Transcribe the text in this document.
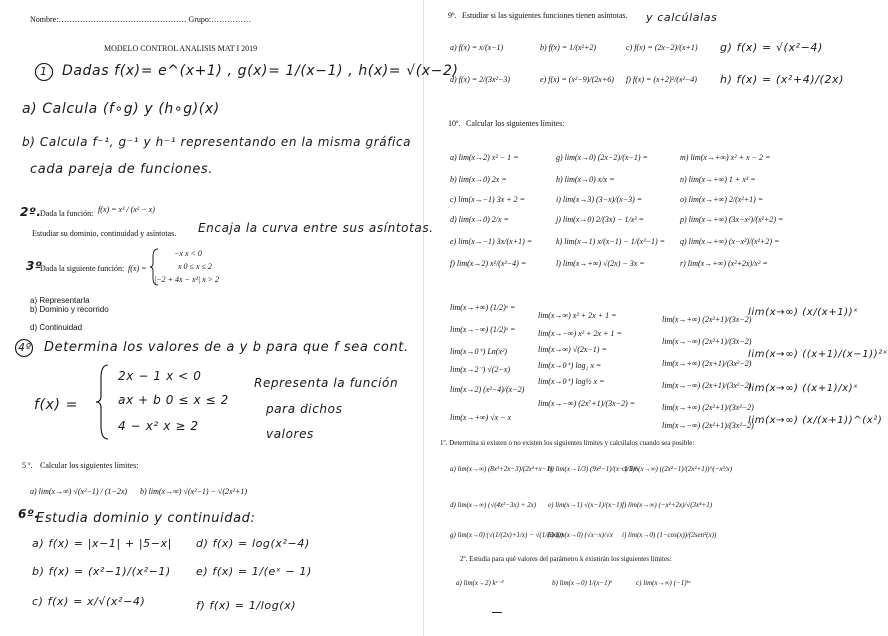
Nombre:………………………………………… Grupo:……………
MODELO CONTROL ANALISIS MAT I 2019
1 Dadas f(x)= e^(x+1) , g(x)= 1/(x−1) , h(x)= √(x−2)
a) Calcula (f∘g) y (h∘g)(x)
b) Calcula f⁻¹, g⁻¹ y h⁻¹ representando en la misma gráfica
cada pareja de funciones.
2º.
Dada la función: f(x) = x³ / (x² − x)
Estudiar su dominio, continuidad y asíntotas. Encaja la curva entre sus asíntotas.
3º
Dada la siguiente función: f(x) =
−x x < 0
x 0 ≤ x ≤ 2
|−2 + 4x − x²| x > 2
a) Representarla
b) Dominio y recorrido
d) Continuidad
4º Determina los valores de a y b para que f sea cont.
f(x) =
2x − 1 x < 0
ax + b 0 ≤ x ≤ 2
4 − x² x ≥ 2
Representa la función
para dichos
valores
5 º. Calcular los siguientes límites:
a) lim(x→∞) √(x²−1) / (1−2x) b) lim(x→∞) √(x²−1) − √(2x²+1)
6º.
Estudia dominio y continuidad:
a) f(x) = |x−1| + |5−x|
b) f(x) = (x²−1)/(x²−1)
c) f(x) = x/√(x²−4)
d) f(x) = log(x²−4)
e) f(x) = 1/(eˣ − 1)
f) f(x) = 1/log(x)
9º. Estudiar si las siguientes funciones tienen asíntotas. y calcúlalas
a) f(x) = x/(x−1)	b) f(x) = 1/(x²+2)	c) f(x) = (2x−2)/(x+1) g) f(x) = √(x²−4)
d) f(x) = 2/(3x²−3)	e) f(x) = (x²−9)/(2x+6) f) f(x) = (x+2)²/(x²−4) h) f(x) = (x²+4)/(2x)
10º. Calcular los siguientes límites:
a) lim(x→2) x² − 1 =
b) lim(x→0) 2x =
c) lim(x→−1) 3x + 2 =
d) lim(x→0) 2/x =
e) lim(x→−1) 3x/(x+1) =
f) lim(x→2) x²/(x²−4) =
g) lim(x→0) (2x−2)/(x−1) =
h) lim(x→0) x/x =
i) lim(x→3) (3−x)/(x−3) =
j) lim(x→0) 2/(3x) − 1/x² =
k) lim(x→1) x/(x−1) − 1/(x²−1) =
l) lim(x→+∞) √(2x) − 3x =
m) lim(x→+∞) x² + x − 2 =
n) lim(x→+∞) 1 + x³ =
o) lim(x→+∞) 2/(x²+1) =
p) lim(x→+∞) (3x−x²)/(x²+2) =
q) lim(x→+∞) (x−x²)/(x²+2) =
r) lim(x→+∞) (x²+2x)/x² =
lim(x→+∞) (1/2)ˣ =
lim(x→−∞) (1/2)ˣ =
lim(x→0⁺) Ln(x²)
lim(x→2⁻) √(2−x)
lim(x→2) (x²−4)/(x−2)
lim(x→+∞) √x − x
lim(x→∞) x² + 2x + 1 =
lim(x→−∞) x² + 2x + 1 =
lim(x→∞) √(2x−1) =
lim(x→0⁺) log₂ x =
lim(x→0⁺) log½ x =
lim(x→−∞) (2x⁷+1)/(3x−2) =
lim(x→+∞) (2x²+1)/(3x−2)
lim(x→−∞) (2x²+1)/(3x−2)
lim(x→+∞) (2x+1)/(3x²−2)
lim(x→−∞) (2x+1)/(3x²−2)
lim(x→+∞) (2x²+1)/(3x²−2)
lim(x→−∞) (2x²+1)/(3x²−2)
lim(x→∞) (x/(x+1))ˣ
lim(x→∞) ((x+1)/(x−1))²ˣ
lim(x→∞) ((x+1)/x)ˣ
lim(x→∞) (x/(x+1))^(x²)
1º. Determina si existen o no existen los siguientes límites y calcúlalos cuando sea posible:
a) lim(x→∞) (8x²+2x−3)/(2x²+x−1)
b) lim(x→1/3) (9x²−1)/(x−1/3)²
c) lim(x→∞) ((2x²−1)/(2x²+1))^(−x²/x)
d) lim(x→∞) (√(4x²−3x) + 2x) e) lim(x→1) √(x−1)/(x−1) f) lim(x→∞) (−x²+2x)/√(3x⁴+1)
g) lim(x→0) (√(1/(2x)+1/x) − √(1/(3x)))
h) lim(x→0) (√x−x)/√x i) lim(x→0) (1−cos(x))/(2sen²(x))
2º. Estudia para qué valores del parámetro k existirán los siguientes límites:
a) lim(x→2) kˣ⁻²	b) lim(x→0) 1/(x−1)ᵏ	c) lim(x→∞) (−1)ᵏˣ
